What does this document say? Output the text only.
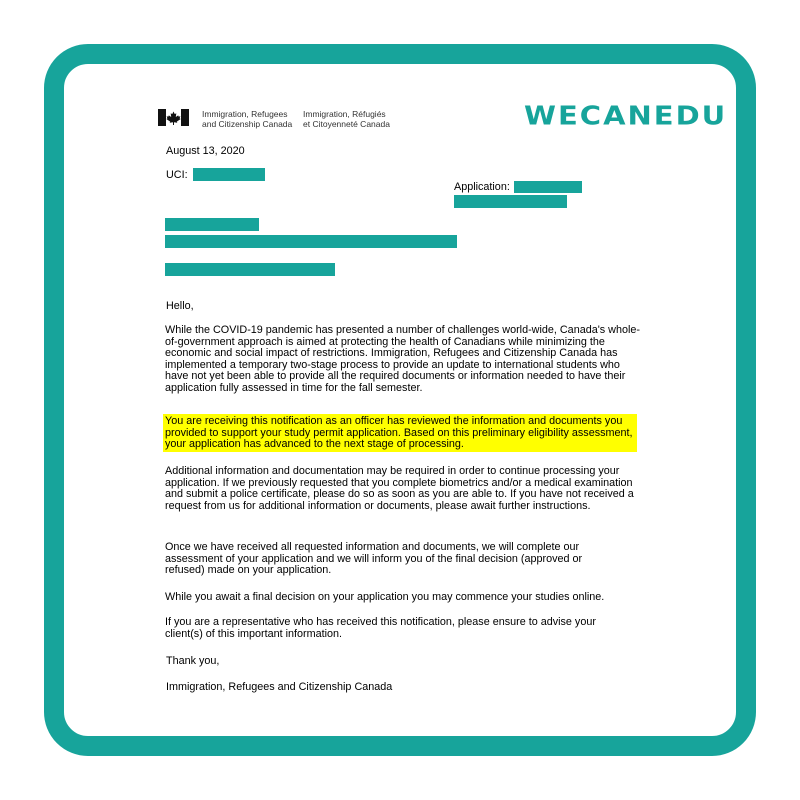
Immigration, Refugees
and Citizenship Canada
Immigration, Réfugiés
et Citoyenneté Canada	WECANEDU
August 13, 2020
UCI:
Application:
Hello,
While the COVID-19 pandemic has presented a number of challenges world-wide, Canada's whole-of-government approach is aimed at protecting the health of Canadians while minimizing the economic and social impact of restrictions. Immigration, Refugees and Citizenship Canada has implemented a temporary two-stage process to provide an update to international students who have not yet been able to provide all the required documents or information needed to have their application fully assessed in time for the fall semester.
You are receiving this notification as an officer has reviewed the information and documents you provided to support your study permit application. Based on this preliminary eligibility assessment, your application has advanced to the next stage of processing.
Additional information and documentation may be required in order to continue processing your application. If we previously requested that you complete biometrics and/or a medical examination and submit a police certificate, please do so as soon as you are able to. If you have not received a request from us for additional information or documents, please await further instructions.
Once we have received all requested information and documents, we will complete our assessment of your application and we will inform you of the final decision (approved or refused) made on your application.
While you await a final decision on your application you may commence your studies online.
If you are a representative who has received this notification, please ensure to advise your client(s) of this important information.
Thank you,
Immigration, Refugees and Citizenship Canada
